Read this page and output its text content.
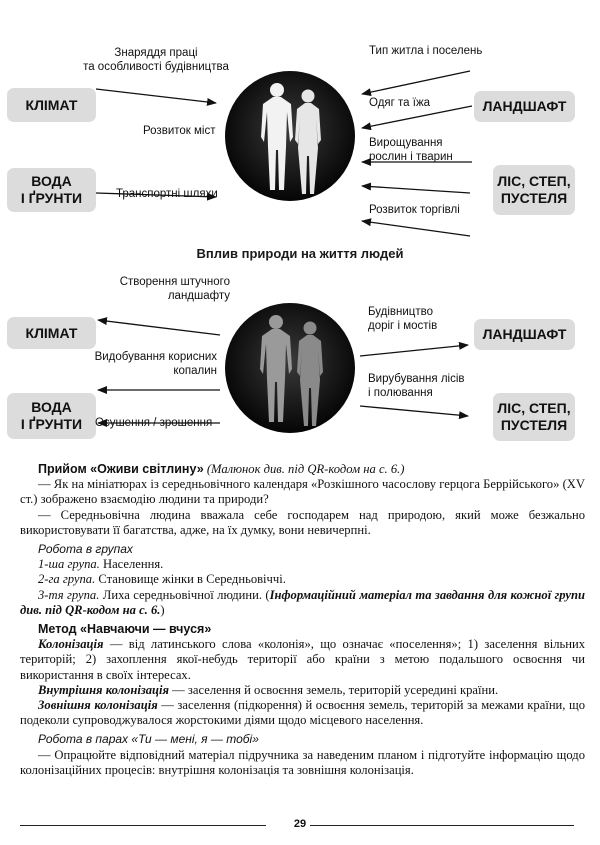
КЛІМАТ
ВОДА
І ҐРУНТИ
ЛАНДШАФТ
ЛІС, СТЕП,
ПУСТЕЛЯ
Знаряддя праці
та особливості будівництва
Розвиток міст
Транспортні шляхи
Тип житла і поселень
Одяг та їжа
Вирощування
рослин і тварин
Розвиток торгівлі
Вплив природи на життя людей
КЛІМАТ
ВОДА
І ҐРУНТИ
ЛАНДШАФТ
ЛІС, СТЕП,
ПУСТЕЛЯ
Створення штучного
ландшафту
Видобування корисних
копалин
Осушення / зрошення
Будівництво
доріг і мостів
Вирубування лісів
і полювання

Прийом «Оживи світлину» (Малюнок див. під QR-кодом на с. 6.)

— Як на мініатюрах із середньовічного календаря «Розкішного часослову герцога Беррійського» (XV ст.) зображено взаємодію людини та природи?

— Середньовічна людина вважала себе господарем над природою, який може безжально використовувати її багатства, адже, на їх думку, вони невичерпні.

Робота в групах

1-ша група. Населення.

2-га група. Становище жінки в Середньовіччі.

3-тя група. Лиха середньовічної людини. (Інформаційний матеріал та завдання для кожної групи див. під QR-кодом на с. 6.)

Метод «Навчаючи — вчуся»

Колонізація — від латинського слова «колонія», що означає «поселення»; 1) заселення вільних територій; 2) захоплення якої-небудь території або країни з метою подальшого освоєння чи використання в своїх інтересах.

Внутрішня колонізація — заселення й освоєння земель, територій усередині країни.

Зовнішня колонізація — заселення (підкорення) й освоєння земель, територій за межами країни, що подеколи супроводжувалося жорстокими діями щодо місцевого населення.

Робота в парах «Ти — мені, я — тобі»

— Опрацюйте відповідний матеріал підручника за наведеним планом і підготуйте інформацію щодо колонізаційних процесів: внутрішня колонізація та зовнішня колонізація.

29
